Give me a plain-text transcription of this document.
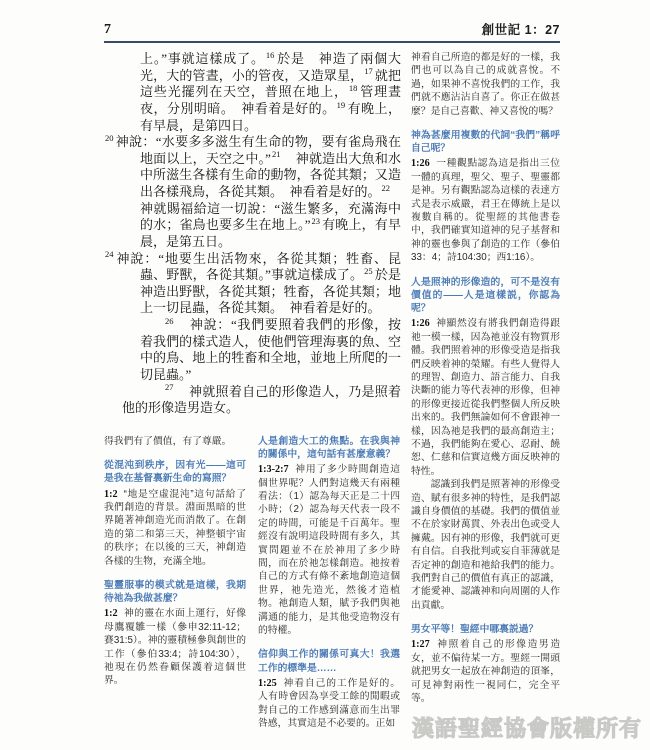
7	創世記 1：27

上。”事就這樣成了。$^{16}$ 於是　神造了兩個大光，大的管晝，小的管夜，又造眾星，$^{17}$ 就把這些光擺列在天空，普照在地上，$^{18}$ 管理晝夜，分別明暗。　神看着是好的。$^{19}$ 有晚上，有早晨，是第四日。

$^{20}$ 神說：“水要多多滋生有生命的物，要有雀鳥飛在地面以上，天空之中。”$^{21}$　神就造出大魚和水中所滋生各樣有生命的動物，各從其類；又造出各樣飛鳥，各從其類。　神看着是好的。$^{22}$　神就賜福給這一切說：“滋生繁多，充滿海中的水；雀鳥也要多生在地上。”$^{23}$ 有晚上，有早晨，是第五日。

$^{24}$ 神說：“地要生出活物來，各從其類；牲畜、昆蟲、野獸，各從其類。”事就這樣成了。$^{25}$ 於是　神造出野獸，各從其類；牲畜，各從其類；地上一切昆蟲，各從其類。　神看着是好的。

$^{26}$　神說：“我們要照着我們的形像，按着我們的樣式造人，使他們管理海裏的魚、空中的鳥、地上的牲畜和全地，並地上所爬的一切昆蟲。”

$^{27}$　神就照着自己的形像造人，乃是照着他的形像造男造女。

得我們有了價值，有了尊嚴。

從混沌到秩序，因有光——這可是我在基督裏新生命的寫照？

1:2 “地是空虛混沌”這句話給了我們創造的背景。淵面黑暗的世界隨著神創造光而消散了。在創造的第二和第三天，神整頓宇宙的秩序；在以後的三天，神創造各樣的生物，充滿全地。

聖靈服事的模式就是這樣，我期待祂為我做甚麼？

1:2 神的靈在水面上運行，好像母鷹覆雛一樣（參申32:11-12；賽31:5）。神的靈積極參與創世的工作（參伯33:4；詩104:30），祂現在仍然眷顧保護着這個世界。

人是創造大工的焦點。在我與神的關係中，這句話有甚麼意義？

1:3-2:7 神用了多少時間創造這個世界呢？人們對這幾天有兩種看法：（1）認為每天正是二十四小時；（2）認為每天代表一段不定的時間，可能是千百萬年。聖經沒有說明這段時間有多久，其實問題並不在於神用了多少時間，而在於祂怎樣創造。祂按着自己的方式有條不紊地創造這個世界，祂先造光，然後才造植物。祂創造人類，賦予我們與祂溝通的能力，是其他受造物沒有的特權。

信仰與工作的關係可真大！我選工作的標準是……

1:25 神看自己的工作是好的。人有時會因為享受工餘的閒暇或對自己的工作感到滿意而生出罪咎感，其實這是不必要的。正如

神看自己所造的都是好的一樣，我們也可以為自己的成就喜悅。不過，如果神不喜悅我們的工作，我們就不應沾沾自喜了。你正在做甚麼？是自己喜歡、神又喜悅的嗎？

神為甚麼用複數的代詞“我們”稱呼自己呢？

1:26 一種觀點認為這是指出三位一體的真理，聖父、聖子、聖靈都是神。另有觀點認為這樣的表達方式是表示威嚴，君王在傳統上是以複數自稱的。從聖經的其他書卷中，我們確實知道神的兒子基督和神的靈也參與了創造的工作（參伯33：4；詩104:30；西1:16）。

人是照神的形像造的，可不是沒有價值的——人是這樣説，你認為呢？

1:26 神顯然沒有將我們創造得跟祂一模一樣，因為祂並沒有物質形體。我們照着神的形像受造是指我們反映着神的榮耀。有些人覺得人的理智、創造力、語言能力、自我決斷的能力等代表神的形像，但神的形像更接近從我們整個人所反映出來的。我們無論如何不會跟神一樣，因為祂是我們的最高創造主；不過，我們能夠在愛心、忍耐、饒恕、仁慈和信實這幾方面反映神的特性。

認識到我們是照著神的形像受造、賦有很多神的特性，是我們認識自身價值的基礎。我們的價值並不在於家財萬貫、外表出色或受人擁戴。因有神的形像，我們就可更有自信。自我批判或妄自菲薄就是否定神的創造和祂給我們的能力。我們對自己的價值有真正的認識，才能愛神、認識神和向周圍的人作出貢獻。

男女平等！聖經中哪裏説過？

1:27 神照着自己的形像造男造女，並不偏待某一方。聖經一開頭就把男女一起放在神創造的頂峯，可見神對兩性一視同仁，完全平等。

漢語聖經協會版權所有
